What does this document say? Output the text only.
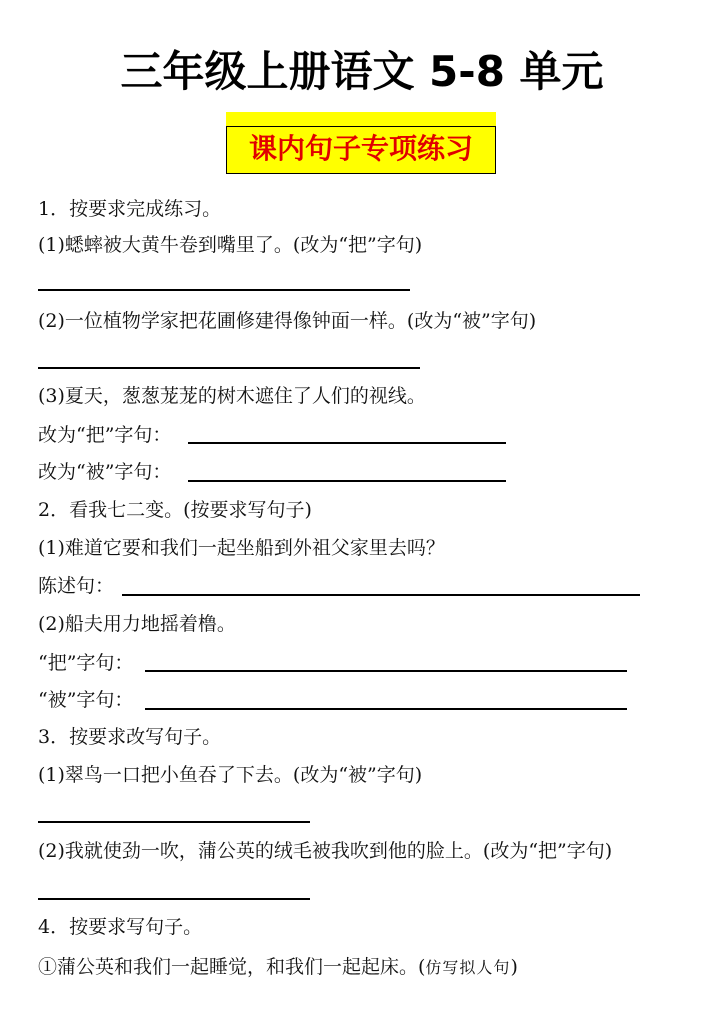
三年级上册语文 5-8 单元
课内句子专项练习
1．按要求完成练习。
(1)蟋蟀被大黄牛卷到嘴里了。(改为“把”字句)
(2)一位植物学家把花圃修建得像钟面一样。(改为“被”字句)
(3)夏天，葱葱茏茏的树木遮住了人们的视线。
改为“把”字句：
改为“被”字句：
2．看我七二变。(按要求写句子)
(1)难道它要和我们一起坐船到外祖父家里去吗？
陈述句：
(2)船夫用力地摇着橹。
“把”字句：
“被”字句：
3．按要求改写句子。
(1)翠鸟一口把小鱼吞了下去。(改为“被”字句)
(2)我就使劲一吹，蒲公英的绒毛被我吹到他的脸上。(改为“把”字句)
4．按要求写句子。
①蒲公英和我们一起睡觉，和我们一起起床。(仿写拟人句)
